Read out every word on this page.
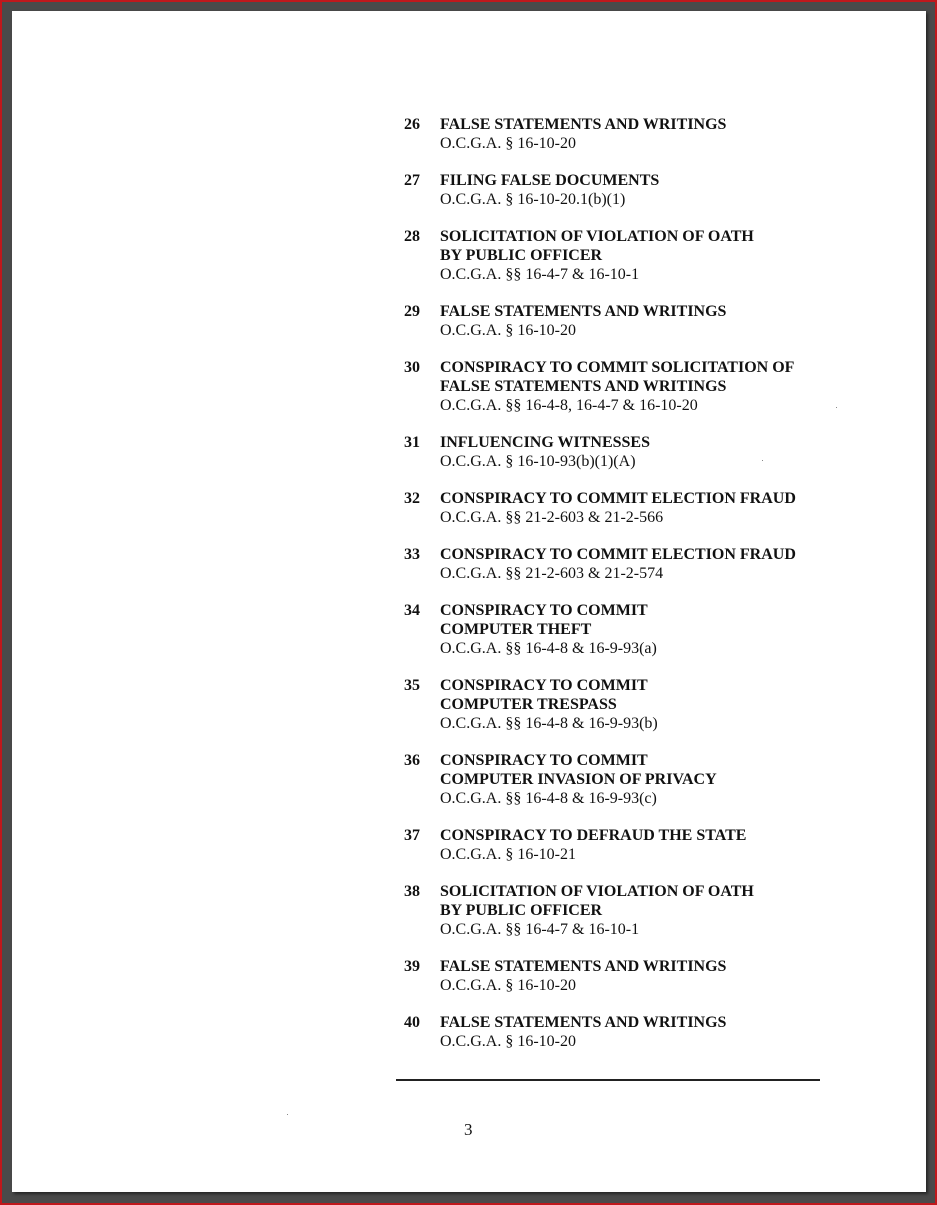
26	FALSE STATEMENTS AND WRITINGS
O.C.G.A. § 16-10-20
27	FILING FALSE DOCUMENTS
O.C.G.A. § 16-10-20.1(b)(1)
28	SOLICITATION OF VIOLATION OF OATH
BY PUBLIC OFFICER
O.C.G.A. §§ 16-4-7 & 16-10-1
29	FALSE STATEMENTS AND WRITINGS
O.C.G.A. § 16-10-20
30	CONSPIRACY TO COMMIT SOLICITATION OF
FALSE STATEMENTS AND WRITINGS
O.C.G.A. §§ 16-4-8, 16-4-7 & 16-10-20
31	INFLUENCING WITNESSES
O.C.G.A. § 16-10-93(b)(1)(A)
32	CONSPIRACY TO COMMIT ELECTION FRAUD
O.C.G.A. §§ 21-2-603 & 21-2-566
33	CONSPIRACY TO COMMIT ELECTION FRAUD
O.C.G.A. §§ 21-2-603 & 21-2-574
34	CONSPIRACY TO COMMIT
COMPUTER THEFT
O.C.G.A. §§ 16-4-8 & 16-9-93(a)
35	CONSPIRACY TO COMMIT
COMPUTER TRESPASS
O.C.G.A. §§ 16-4-8 & 16-9-93(b)
36	CONSPIRACY TO COMMIT
COMPUTER INVASION OF PRIVACY
O.C.G.A. §§ 16-4-8 & 16-9-93(c)
37	CONSPIRACY TO DEFRAUD THE STATE
O.C.G.A. § 16-10-21
38	SOLICITATION OF VIOLATION OF OATH
BY PUBLIC OFFICER
O.C.G.A. §§ 16-4-7 & 16-10-1
39	FALSE STATEMENTS AND WRITINGS
O.C.G.A. § 16-10-20
40	FALSE STATEMENTS AND WRITINGS
O.C.G.A. § 16-10-20
3
